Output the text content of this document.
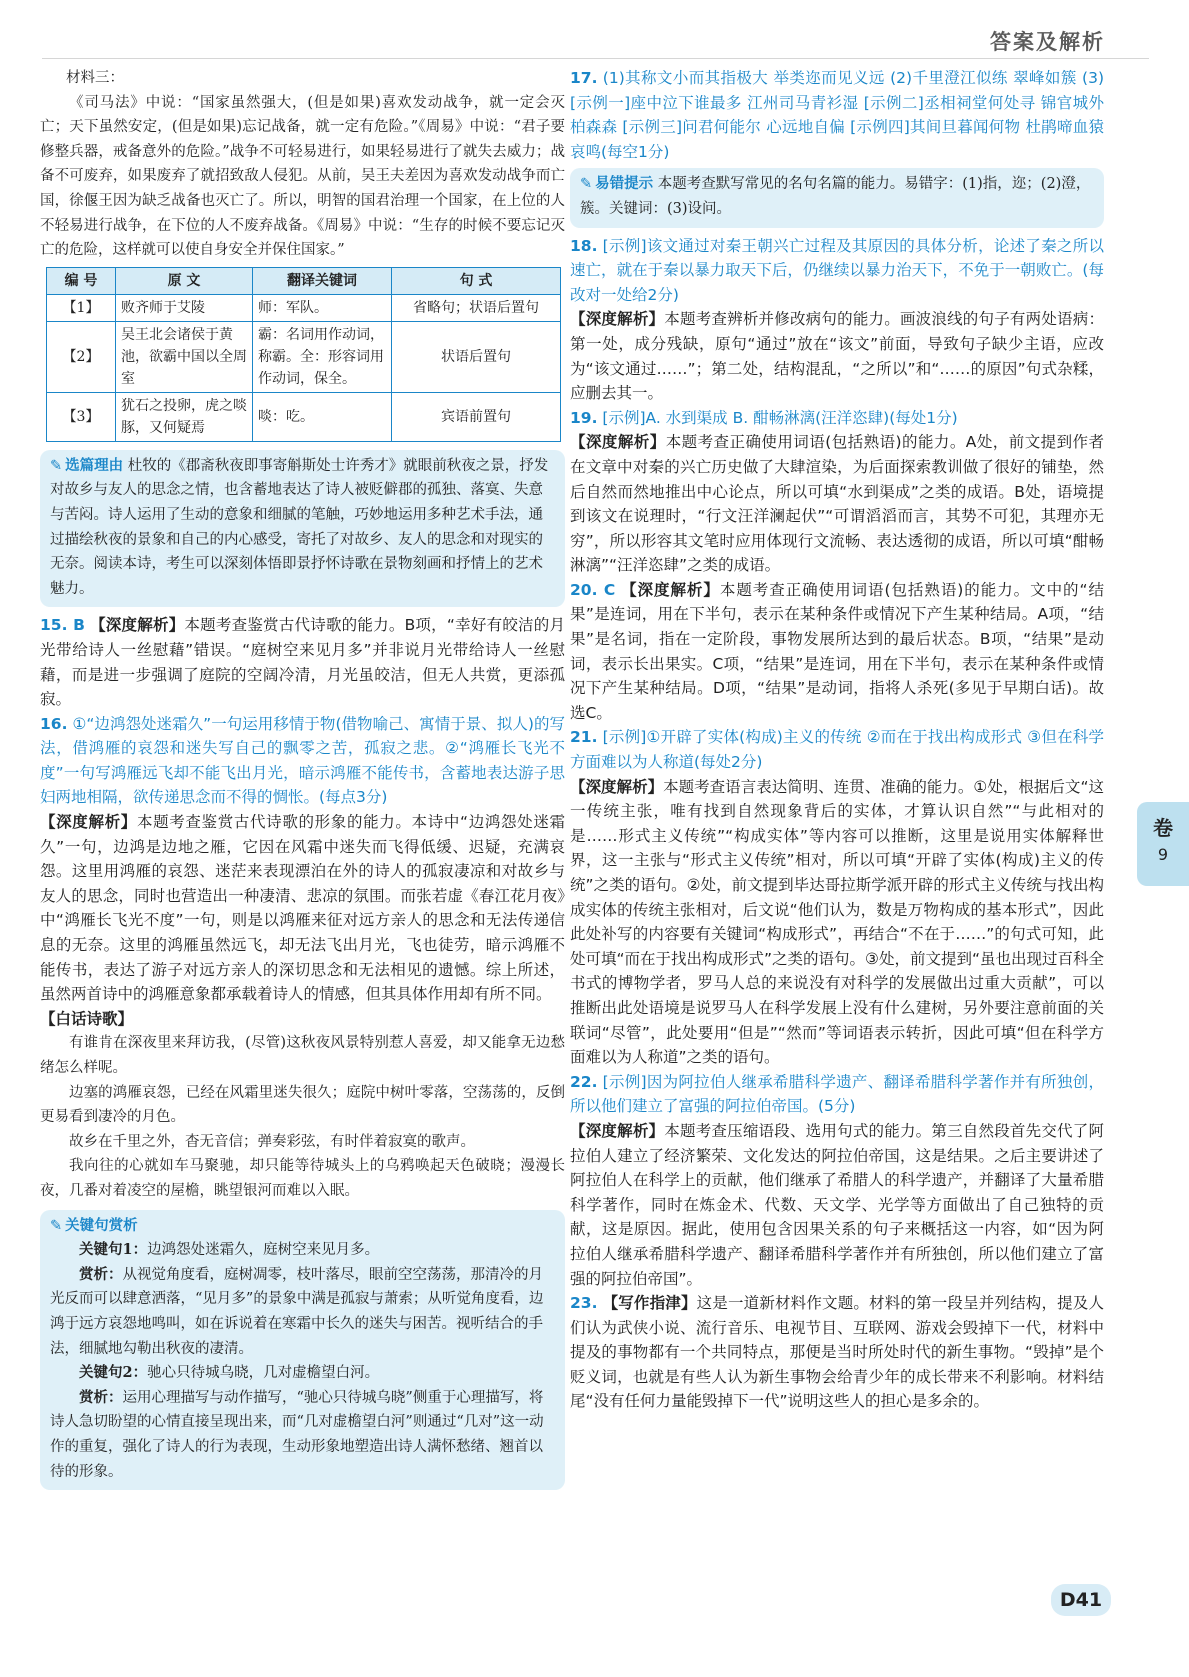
答案及解析

材料三：

《司马法》中说：“国家虽然强大，(但是如果)喜欢发动战争，就一定会灭亡；天下虽然安定，(但是如果)忘记战备，就一定有危险。”《周易》中说：“君子要修整兵器，戒备意外的危险。”战争不可轻易进行，如果轻易进行了就失去威力；战备不可废弃，如果废弃了就招致敌人侵犯。从前，吴王夫差因为喜欢发动战争而亡国，徐偃王因为缺乏战备也灭亡了。所以，明智的国君治理一个国家，在上位的人不轻易进行战争，在下位的人不废弃战备。《周易》中说：“生存的时候不要忘记灭亡的危险，这样就可以使自身安全并保住国家。”

编 号	原 文	翻译关键词	句 式
【1】	败齐师于艾陵	师：军队。	省略句；状语后置句
【2】	吴王北会诸侯于黄池，欲霸中国以全周室	霸：名词用作动词，称霸。全：形容词用作动词，保全。	状语后置句
【3】	犹石之投卵，虎之啖豚，又何疑焉	啖：吃。	宾语前置句
✎ 选篇理由 杜牧的《郡斋秋夜即事寄斛斯处士许秀才》就眼前秋夜之景，抒发对故乡与友人的思念之情，也含蓄地表达了诗人被贬僻郡的孤独、落寞、失意与苦闷。诗人运用了生动的意象和细腻的笔触，巧妙地运用多种艺术手法，通过描绘秋夜的景象和自己的内心感受，寄托了对故乡、友人的思念和对现实的无奈。阅读本诗，考生可以深刻体悟即景抒怀诗歌在景物刻画和抒情上的艺术魅力。

15. B 【深度解析】本题考查鉴赏古代诗歌的能力。B项，“幸好有皎洁的月光带给诗人一丝慰藉”错误。“庭树空来见月多”并非说月光带给诗人一丝慰藉，而是进一步强调了庭院的空阔冷清，月光虽皎洁，但无人共赏，更添孤寂。

16. ①“边鸿怨处迷霜久”一句运用移情于物(借物喻己、寓情于景、拟人)的写法，借鸿雁的哀怨和迷失写自己的飘零之苦，孤寂之悲。②“鸿雁长飞光不度”一句写鸿雁远飞却不能飞出月光，暗示鸿雁不能传书，含蓄地表达游子思妇两地相隔，欲传递思念而不得的惆怅。(每点3分)

【深度解析】本题考查鉴赏古代诗歌的形象的能力。本诗中“边鸿怨处迷霜久”一句，边鸿是边地之雁，它因在风霜中迷失而飞得低缓、迟疑，充满哀怨。这里用鸿雁的哀怨、迷茫来表现漂泊在外的诗人的孤寂凄凉和对故乡与友人的思念，同时也营造出一种凄清、悲凉的氛围。而张若虚《春江花月夜》中“鸿雁长飞光不度”一句，则是以鸿雁来征对远方亲人的思念和无法传递信息的无奈。这里的鸿雁虽然远飞，却无法飞出月光，飞也徒劳，暗示鸿雁不能传书，表达了游子对远方亲人的深切思念和无法相见的遗憾。综上所述，虽然两首诗中的鸿雁意象都承载着诗人的情感，但其具体作用却有所不同。

【白话诗歌】

有谁肯在深夜里来拜访我，(尽管)这秋夜风景特别惹人喜爱，却又能拿无边愁绪怎么样呢。

边塞的鸿雁哀怨，已经在风霜里迷失很久；庭院中树叶零落，空荡荡的，反倒更易看到凄冷的月色。

故乡在千里之外，杳无音信；弹奏彩弦，有时伴着寂寞的歌声。

我向往的心就如车马聚驰，却只能等待城头上的乌鸦唤起天色破晓；漫漫长夜，几番对着凌空的屋檐，眺望银河而难以入眠。

✎ 关键句赏析

关键句1：边鸿怨处迷霜久，庭树空来见月多。

赏析：从视觉角度看，庭树凋零，枝叶落尽，眼前空空荡荡，那清冷的月光反而可以肆意洒落，“见月多”的景象中满是孤寂与萧索；从听觉角度看，边鸿于远方哀怨地鸣叫，如在诉说着在寒霜中长久的迷失与困苦。视听结合的手法，细腻地勾勒出秋夜的凄清。

关键句2：驰心只待城乌晓，几对虚檐望白河。

赏析：运用心理描写与动作描写，“驰心只待城乌晓”侧重于心理描写，将诗人急切盼望的心情直接呈现出来，而“几对虚檐望白河”则通过“几对”这一动作的重复，强化了诗人的行为表现，生动形象地塑造出诗人满怀愁绪、翘首以待的形象。

17. (1)其称文小而其指极大 举类迩而见义远 (2)千里澄江似练 翠峰如簇 (3)[示例一]座中泣下谁最多 江州司马青衫湿 [示例二]丞相祠堂何处寻 锦官城外柏森森 [示例三]问君何能尔 心远地自偏 [示例四]其间旦暮闻何物 杜鹃啼血猿哀鸣(每空1分)

✎ 易错提示 本题考查默写常见的名句名篇的能力。易错字：(1)指，迩；(2)澄，簇。关键词：(3)设问。

18. [示例]该文通过对秦王朝兴亡过程及其原因的具体分析，论述了秦之所以速亡，就在于秦以暴力取天下后，仍继续以暴力治天下，不免于一朝败亡。(每改对一处给2分)

【深度解析】本题考查辨析并修改病句的能力。画波浪线的句子有两处语病：第一处，成分残缺，原句“通过”放在“该文”前面，导致句子缺少主语，应改为“该文通过……”；第二处，结构混乱，“之所以”和“……的原因”句式杂糅，应删去其一。

19. [示例]A. 水到渠成 B. 酣畅淋漓(汪洋恣肆)(每处1分)

【深度解析】本题考查正确使用词语(包括熟语)的能力。A处，前文提到作者在文章中对秦的兴亡历史做了大肆渲染，为后面探索教训做了很好的铺垫，然后自然而然地推出中心论点，所以可填“水到渠成”之类的成语。B处，语境提到该文在说理时，“行文汪洋澜起伏”“可谓滔滔而言，其势不可犯，其理亦无穷”，所以形容其文笔时应用体现行文流畅、表达透彻的成语，所以可填“酣畅淋漓”“汪洋恣肆”之类的成语。

20. C 【深度解析】本题考查正确使用词语(包括熟语)的能力。文中的“结果”是连词，用在下半句，表示在某种条件或情况下产生某种结局。A项，“结果”是名词，指在一定阶段，事物发展所达到的最后状态。B项，“结果”是动词，表示长出果实。C项，“结果”是连词，用在下半句，表示在某种条件或情况下产生某种结局。D项，“结果”是动词，指将人杀死(多见于早期白话)。故选C。

21. [示例]①开辟了实体(构成)主义的传统 ②而在于找出构成形式 ③但在科学方面难以为人称道(每处2分)

【深度解析】本题考查语言表达简明、连贯、准确的能力。①处，根据后文“这一传统主张，唯有找到自然现象背后的实体，才算认识自然”“与此相对的是……形式主义传统”“构成实体”等内容可以推断，这里是说用实体解释世界，这一主张与“形式主义传统”相对，所以可填“开辟了实体(构成)主义的传统”之类的语句。②处，前文提到毕达哥拉斯学派开辟的形式主义传统与找出构成实体的传统主张相对，后文说“他们认为，数是万物构成的基本形式”，因此此处补写的内容要有关键词“构成形式”，再结合“不在于……”的句式可知，此处可填“而在于找出构成形式”之类的语句。③处，前文提到“虽也出现过百科全书式的博物学者，罗马人总的来说没有对科学的发展做出过重大贡献”，可以推断出此处语境是说罗马人在科学发展上没有什么建树，另外要注意前面的关联词“尽管”，此处要用“但是”“然而”等词语表示转折，因此可填“但在科学方面难以为人称道”之类的语句。

22. [示例]因为阿拉伯人继承希腊科学遗产、翻译希腊科学著作并有所独创，所以他们建立了富强的阿拉伯帝国。(5分)

【深度解析】本题考查压缩语段、选用句式的能力。第三自然段首先交代了阿拉伯人建立了经济繁荣、文化发达的阿拉伯帝国，这是结果。之后主要讲述了阿拉伯人在科学上的贡献，他们继承了希腊人的科学遗产，并翻译了大量希腊科学著作，同时在炼金术、代数、天文学、光学等方面做出了自己独特的贡献，这是原因。据此，使用包含因果关系的句子来概括这一内容，如“因为阿拉伯人继承希腊科学遗产、翻译希腊科学著作并有所独创，所以他们建立了富强的阿拉伯帝国”。

23. 【写作指津】这是一道新材料作文题。材料的第一段呈并列结构，提及人们认为武侠小说、流行音乐、电视节目、互联网、游戏会毁掉下一代，材料中提及的事物都有一个共同特点，那便是当时所处时代的新生事物。“毁掉”是个贬义词，也就是有些人认为新生事物会给青少年的成长带来不利影响。材料结尾“没有任何力量能毁掉下一代”说明这些人的担心是多余的。

卷
9
D41
